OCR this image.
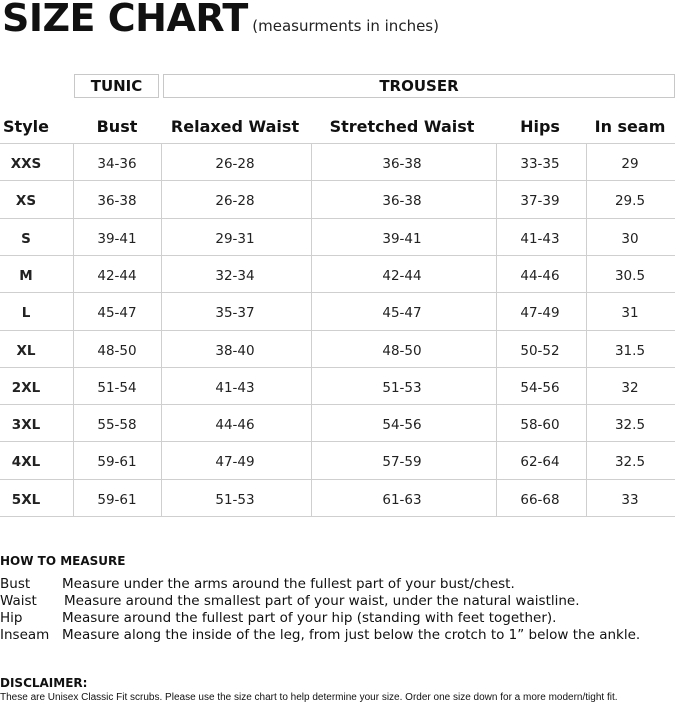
SIZE CHART (measurments in inches)
TUNIC	TROUSER
Style	Bust	Relaxed Waist	Stretched Waist	Hips	In seam
XXS	34-36	26-28	36-38	33-35	29
XS	36-38	26-28	36-38	37-39	29.5
S	39-41	29-31	39-41	41-43	30
M	42-44	32-34	42-44	44-46	30.5
L	45-47	35-37	45-47	47-49	31
XL	48-50	38-40	48-50	50-52	31.5
2XL	51-54	41-43	51-53	54-56	32
3XL	55-58	44-46	54-56	58-60	32.5
4XL	59-61	47-49	57-59	62-64	32.5
5XL	59-61	51-53	61-63	66-68	33
HOW TO MEASURE
Bust Measure under the arms around the fullest part of your bust/chest.
Waist Measure around the smallest part of your waist, under the natural waistline.
Hip	Measure around the fullest part of your hip (standing with feet together).
Inseam Measure along the inside of the leg, from just below the crotch to 1” below the ankle.
DISCLAIMER:
These are Unisex Classic Fit scrubs. Please use the size chart to help determine your size. Order one size down for a more modern/tight fit.
